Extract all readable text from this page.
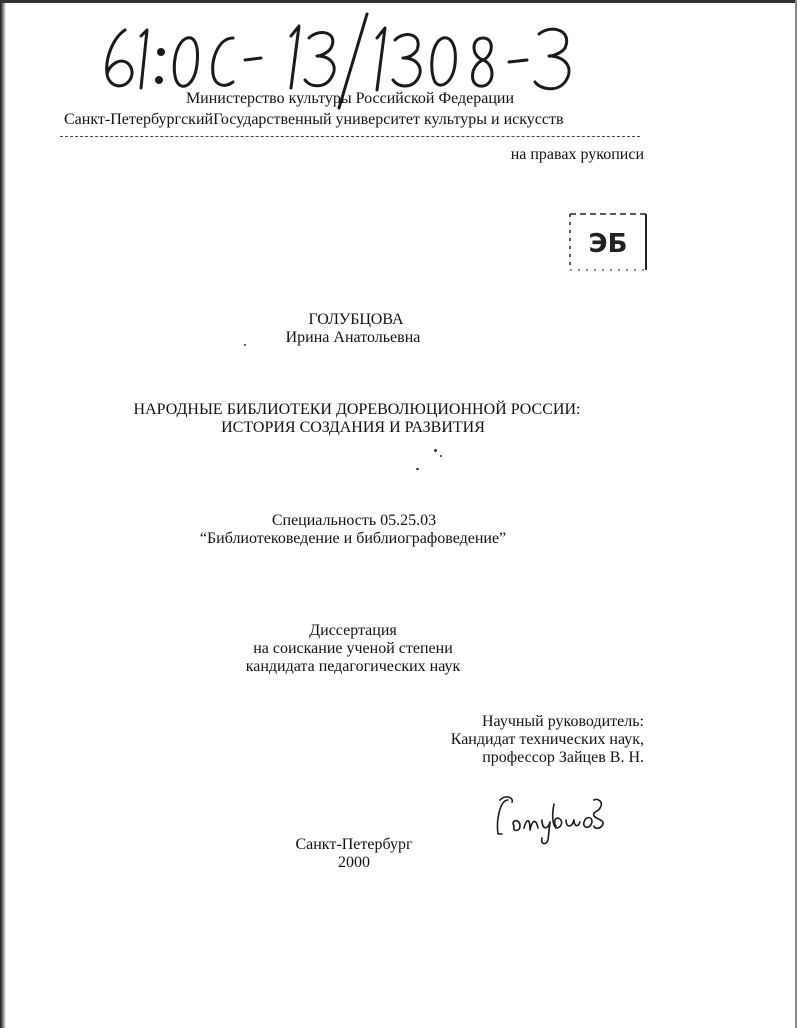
61:00-13/1308-3
Министерство культуры Российской Федерации
Санкт-ПетербургскийГосударственный университет культуры и искусств
на правах рукописи
ЭБ
ГОЛУБЦОВА
Ирина Анатольевна
НАРОДНЫЕ БИБЛИОТЕКИ ДОРЕВОЛЮЦИОННОЙ РОССИИ:
ИСТОРИЯ СОЗДАНИЯ И РАЗВИТИЯ
Специальность 05.25.03
“Библиотековедение и библиографоведение”
Диссертация
на соискание ученой степени
кандидата педагогических наук
Научный руководитель:
Кандидат технических наук,
профессор Зайцев В. Н.
Голубцова
Санкт-Петербург
2000
